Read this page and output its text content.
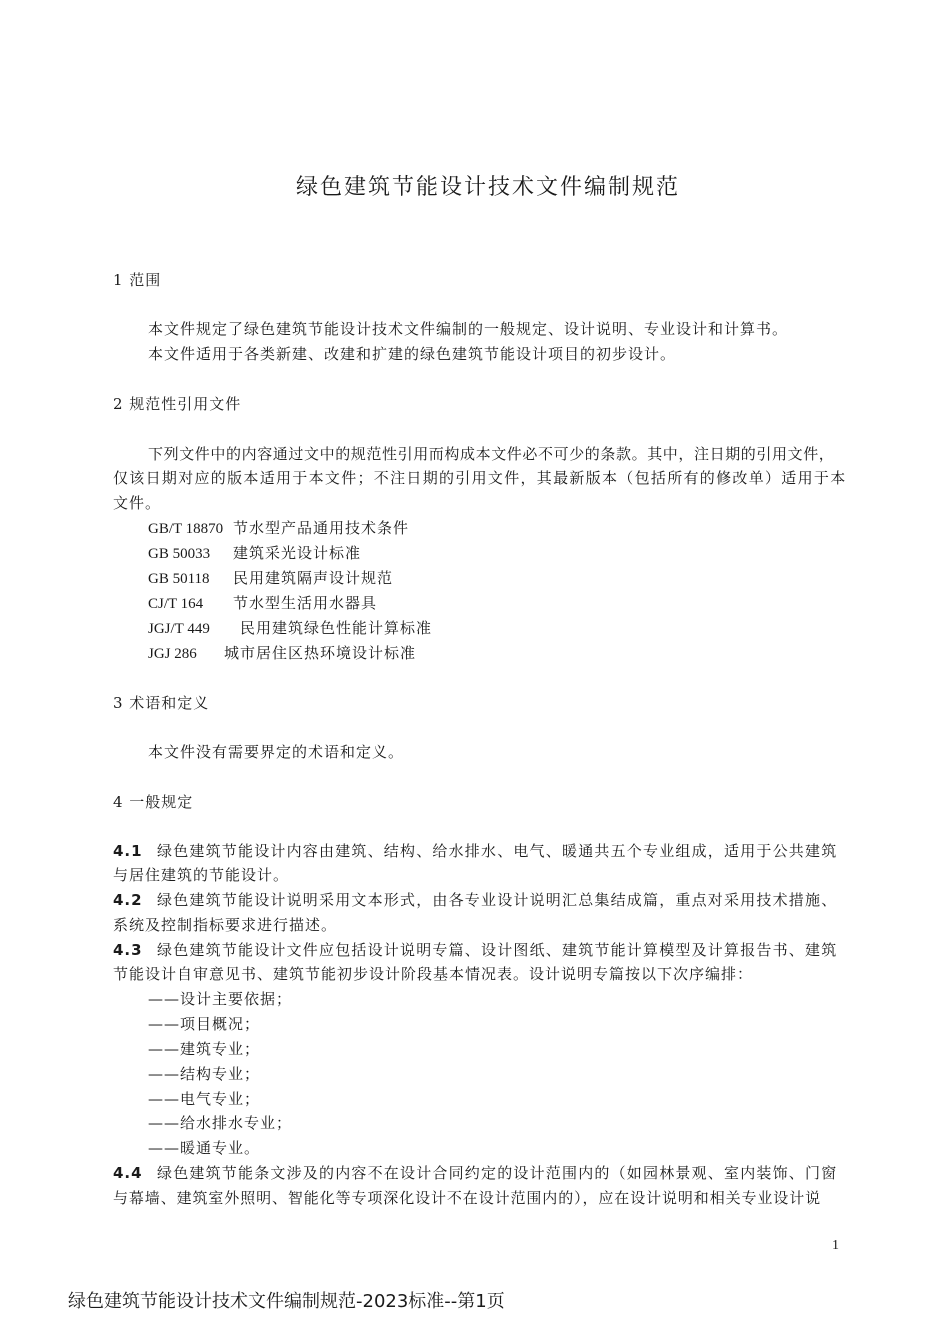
绿色建筑节能设计技术文件编制规范
1 范围
本文件规定了绿色建筑节能设计技术文件编制的一般规定、设计说明、专业设计和计算书。
本文件适用于各类新建、改建和扩建的绿色建筑节能设计项目的初步设计。
2 规范性引用文件
下列文件中的内容通过文中的规范性引用而构成本文件必不可少的条款。其中，注日期的引用文件，
仅该日期对应的版本适用于本文件；不注日期的引用文件，其最新版本（包括所有的修改单）适用于本
文件。
GB/T 18870 节水型产品通用技术条件
GB 50033 建筑采光设计标准
GB 50118 民用建筑隔声设计规范
CJ/T 164 节水型生活用水器具
JGJ/T 449 民用建筑绿色性能计算标准
JGJ 286 城市居住区热环境设计标准
3 术语和定义
本文件没有需要界定的术语和定义。
4 一般规定
4.1 绿色建筑节能设计内容由建筑、结构、给水排水、电气、暖通共五个专业组成，适用于公共建筑
与居住建筑的节能设计。
4.2 绿色建筑节能设计说明采用文本形式，由各专业设计说明汇总集结成篇，重点对采用技术措施、
系统及控制指标要求进行描述。
4.3 绿色建筑节能设计文件应包括设计说明专篇、设计图纸、建筑节能计算模型及计算报告书、建筑
节能设计自审意见书、建筑节能初步设计阶段基本情况表。设计说明专篇按以下次序编排：
——设计主要依据；
——项目概况；
——建筑专业；
——结构专业；
——电气专业；
——给水排水专业；
——暖通专业。
4.4 绿色建筑节能条文涉及的内容不在设计合同约定的设计范围内的（如园林景观、室内装饰、门窗
与幕墙、建筑室外照明、智能化等专项深化设计不在设计范围内的），应在设计说明和相关专业设计说
1
绿色建筑节能设计技术文件编制规范-2023标准--第1页
